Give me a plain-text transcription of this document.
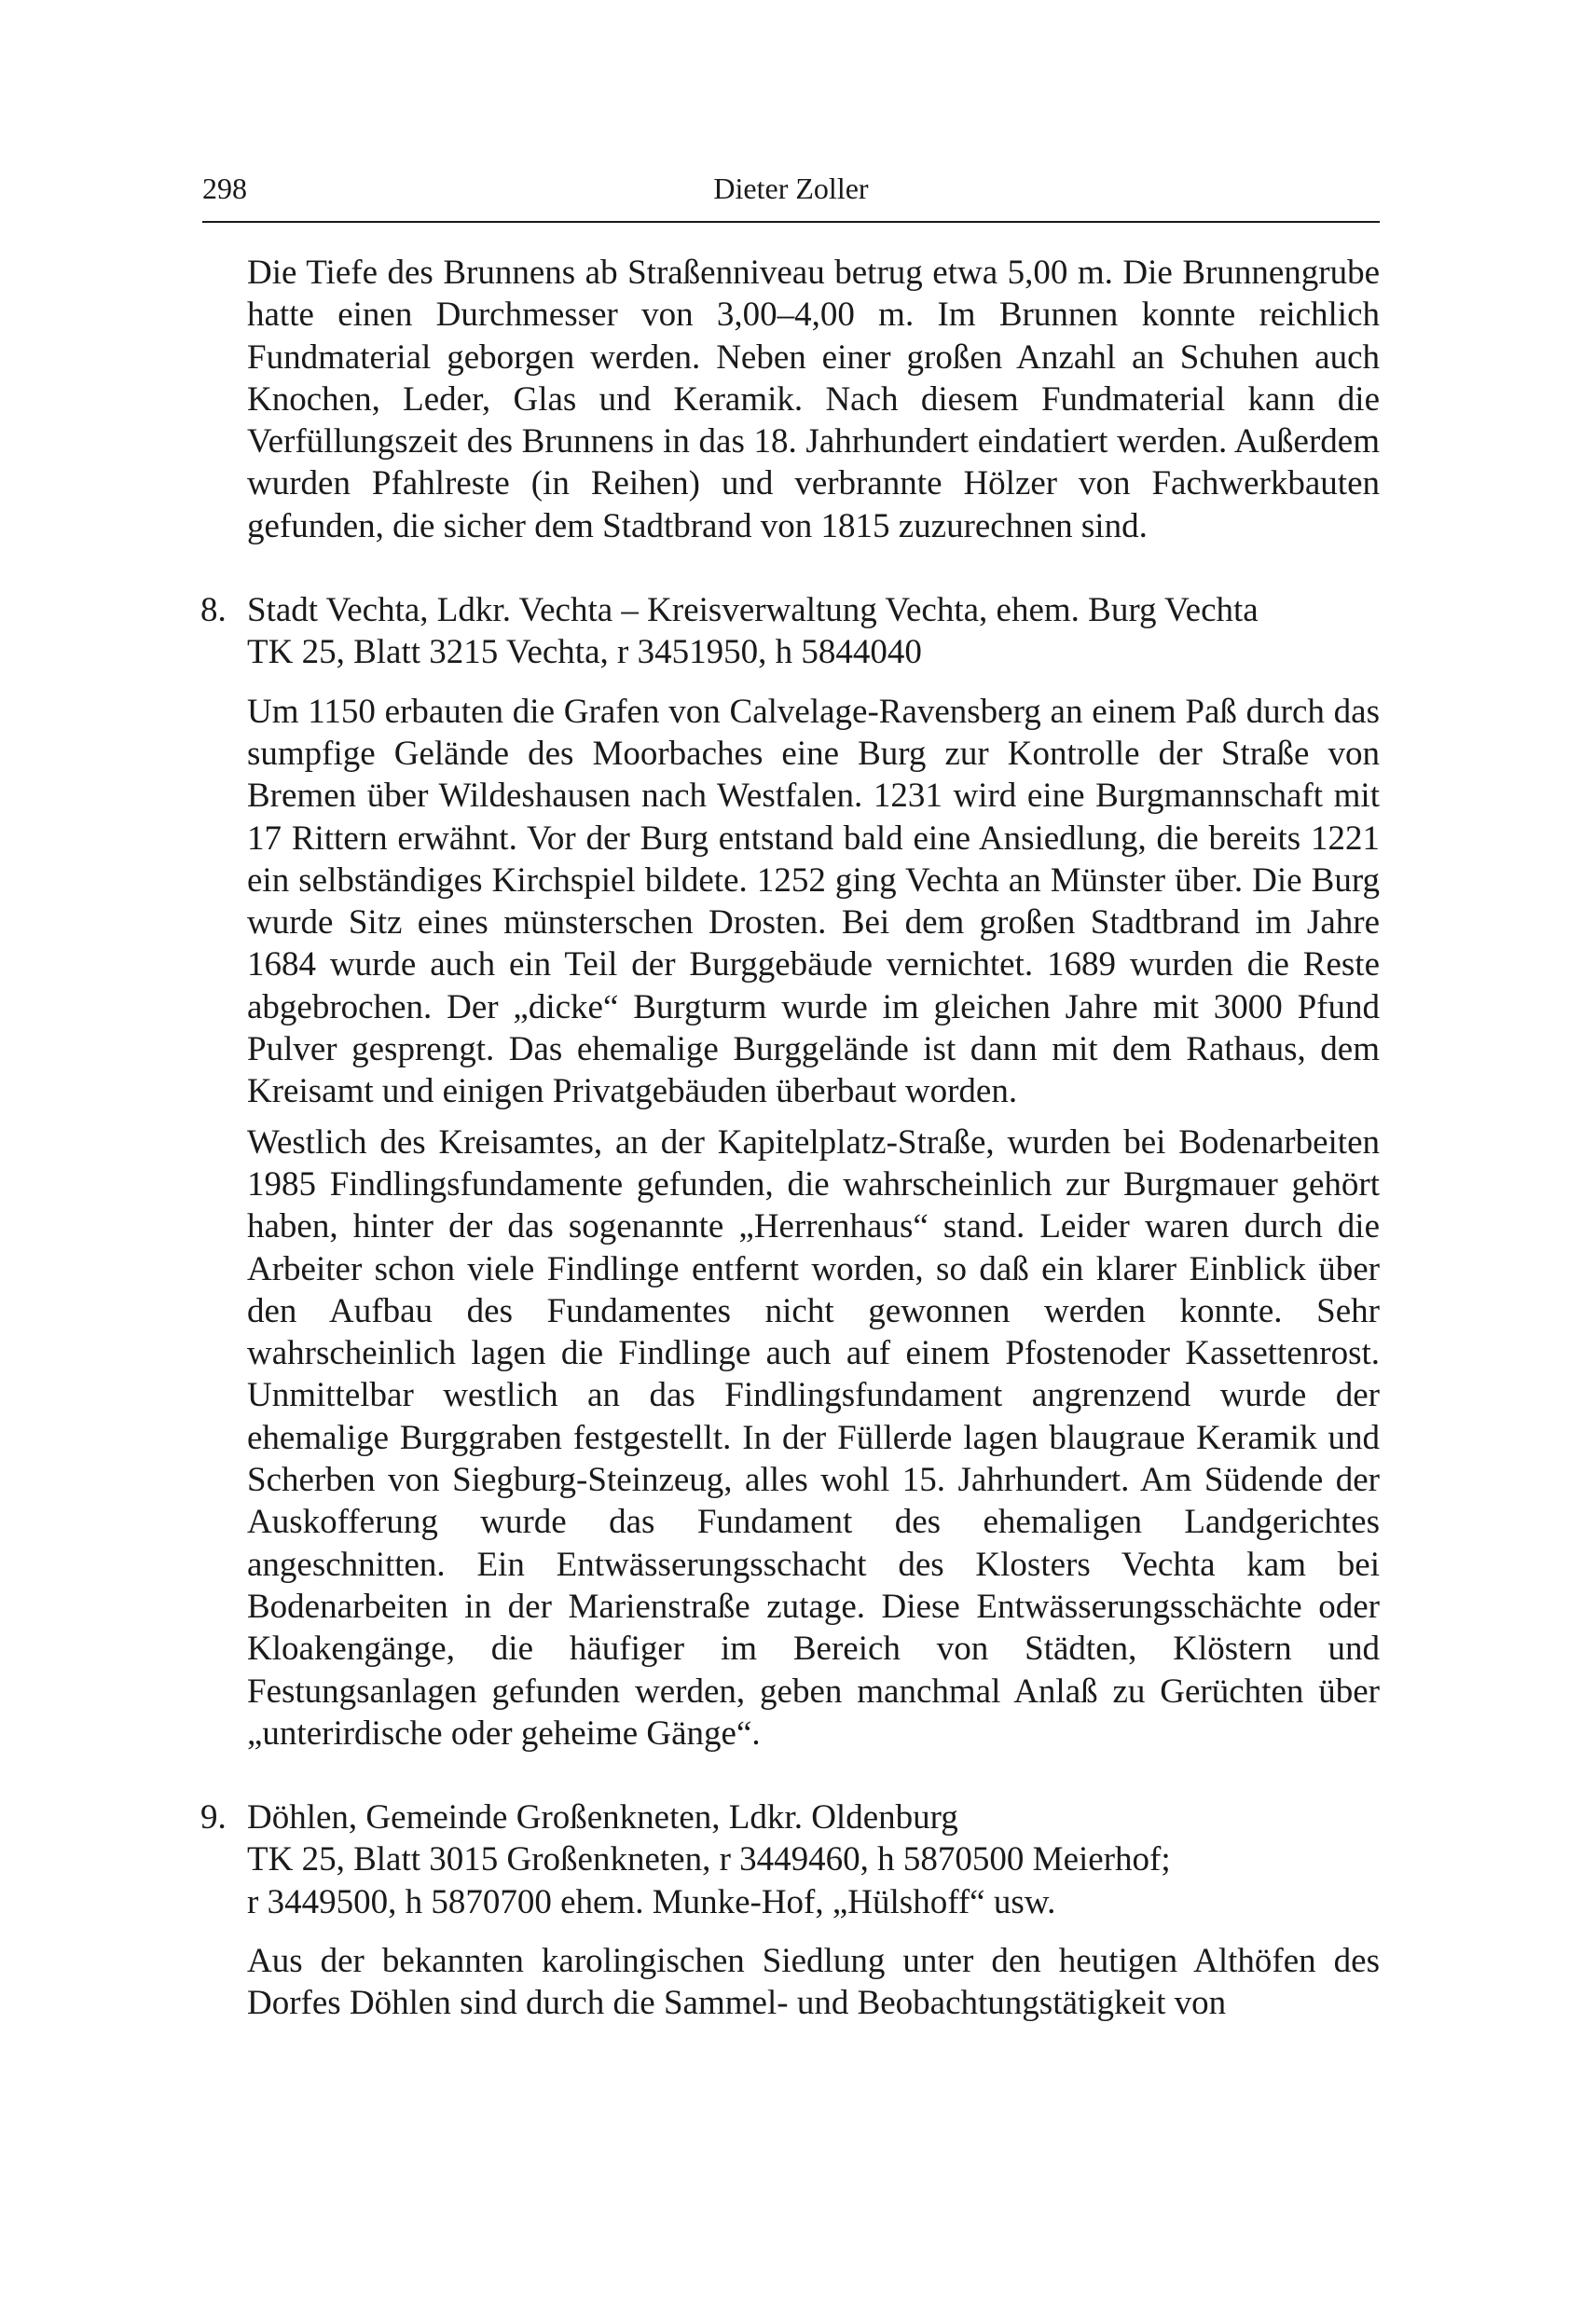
298	Dieter Zoller

Die Tiefe des Brunnens ab Straßenniveau betrug etwa 5,00 m. Die Brunnengrube hatte einen Durchmesser von 3,00–4,00 m. Im Brunnen konnte reichlich Fundmaterial geborgen werden. Neben einer großen Anzahl an Schuhen auch Knochen, Leder, Glas und Keramik. Nach diesem Fundmaterial kann die Verfüllungszeit des Brunnens in das 18. Jahrhundert eindatiert werden. Außerdem wurden Pfahlreste (in Reihen) und verbrannte Hölzer von Fachwerkbauten gefunden, die sicher dem Stadtbrand von 1815 zuzurechnen sind.

8. Stadt Vechta, Ldkr. Vechta – Kreisverwaltung Vechta, ehem. Burg Vechta
TK 25, Blatt 3215 Vechta, r 3451950, h 5844040

Um 1150 erbauten die Grafen von Calvelage-Ravensberg an einem Paß durch das sumpfige Gelände des Moorbaches eine Burg zur Kontrolle der Straße von Bremen über Wildeshausen nach Westfalen. 1231 wird eine Burgmannschaft mit 17 Rittern erwähnt. Vor der Burg entstand bald eine Ansiedlung, die bereits 1221 ein selbständiges Kirchspiel bildete. 1252 ging Vechta an Münster über. Die Burg wurde Sitz eines münsterschen Drosten. Bei dem großen Stadtbrand im Jahre 1684 wurde auch ein Teil der Burggebäude vernichtet. 1689 wurden die Reste abgebrochen. Der „dicke“ Burgturm wurde im gleichen Jahre mit 3000 Pfund Pulver gesprengt. Das ehemalige Burggelände ist dann mit dem Rathaus, dem Kreisamt und einigen Privatgebäuden überbaut worden.

Westlich des Kreisamtes, an der Kapitelplatz-Straße, wurden bei Bodenarbeiten 1985 Findlingsfundamente gefunden, die wahrscheinlich zur Burgmauer gehört haben, hinter der das sogenannte „Herrenhaus“ stand. Leider waren durch die Arbeiter schon viele Findlinge entfernt worden, so daß ein klarer Einblick über den Aufbau des Fundamentes nicht gewonnen werden konnte. Sehr wahrscheinlich lagen die Findlinge auch auf einem Pfostenoder Kassettenrost. Unmittelbar westlich an das Findlingsfundament angrenzend wurde der ehemalige Burggraben festgestellt. In der Füllerde lagen blaugraue Keramik und Scherben von Siegburg-Steinzeug, alles wohl 15. Jahrhundert. Am Südende der Auskofferung wurde das Fundament des ehemaligen Landgerichtes angeschnitten. Ein Entwässerungsschacht des Klosters Vechta kam bei Bodenarbeiten in der Marienstraße zutage. Diese Entwässerungsschächte oder Kloakengänge, die häufiger im Bereich von Städten, Klöstern und Festungsanlagen gefunden werden, geben manchmal Anlaß zu Gerüchten über „unterirdische oder geheime Gänge“.

9. Döhlen, Gemeinde Großenkneten, Ldkr. Oldenburg
TK 25, Blatt 3015 Großenkneten, r 3449460, h 5870500 Meierhof;
r 3449500, h 5870700 ehem. Munke-Hof, „Hülshoff“ usw.

Aus der bekannten karolingischen Siedlung unter den heutigen Althöfen des Dorfes Döhlen sind durch die Sammel- und Beobachtungstätigkeit von
